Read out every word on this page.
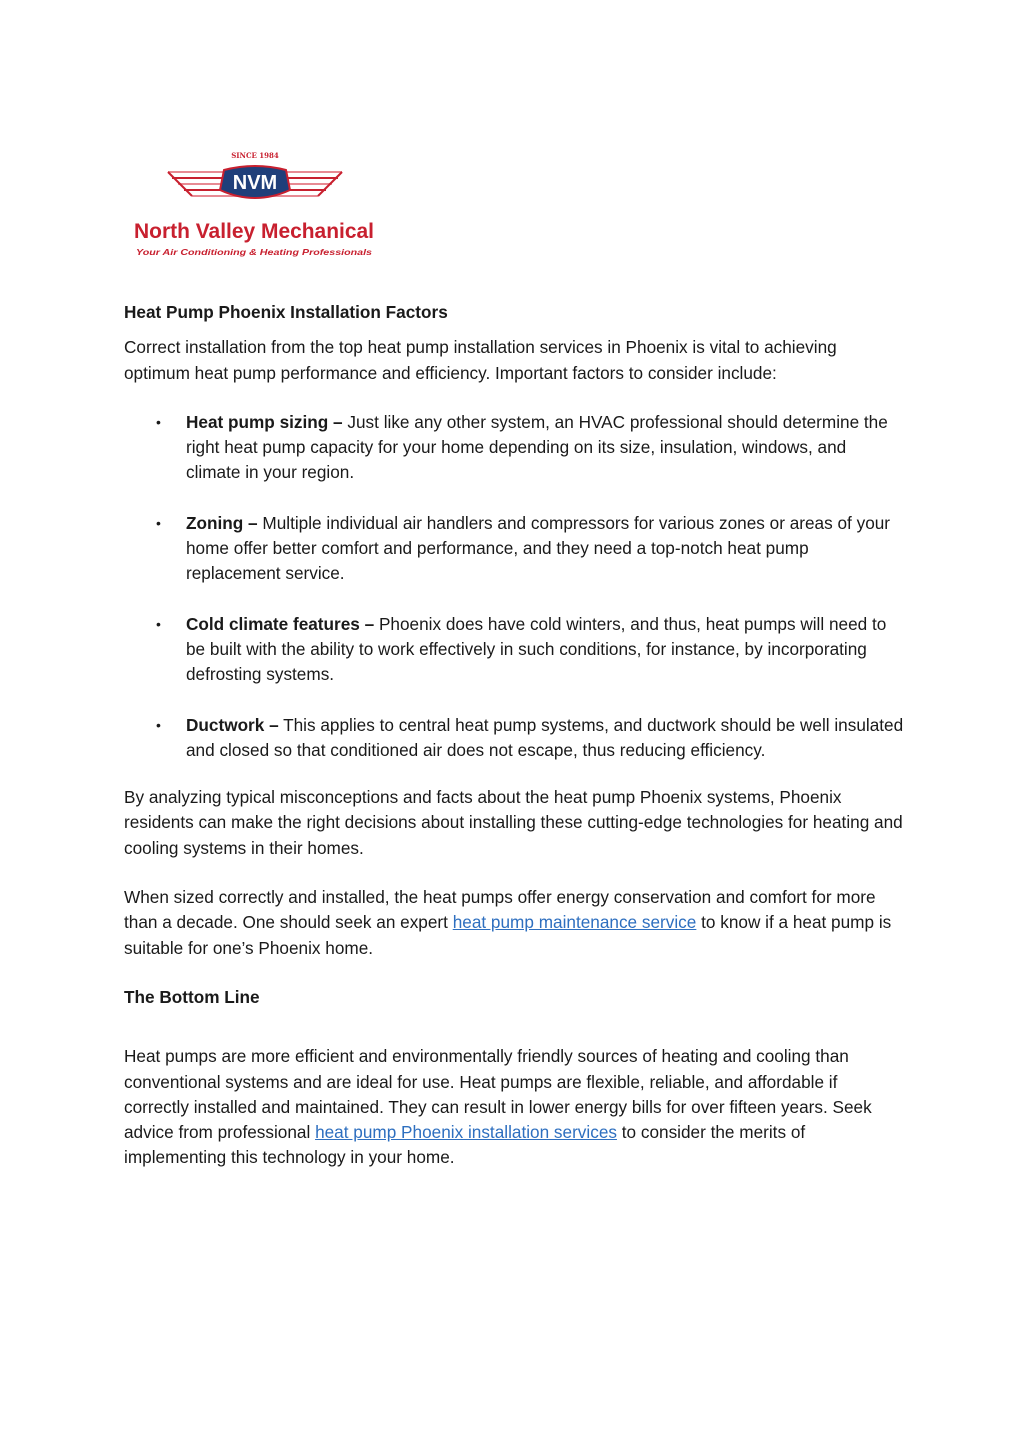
SINCE 1984
NVM
North Valley Mechanical
Your Air Conditioning & Heating Professionals

Heat Pump Phoenix Installation Factors

Correct installation from the top heat pump installation services in Phoenix is vital to achieving optimum heat pump performance and efficiency. Important factors to consider include:

• Heat pump sizing – Just like any other system, an HVAC professional should determine the right heat pump capacity for your home depending on its size, insulation, windows, and climate in your region.
• Zoning – Multiple individual air handlers and compressors for various zones or areas of your home offer better comfort and performance, and they need a top-notch heat pump replacement service.
• Cold climate features – Phoenix does have cold winters, and thus, heat pumps will need to be built with the ability to work effectively in such conditions, for instance, by incorporating defrosting systems.
• Ductwork – This applies to central heat pump systems, and ductwork should be well insulated and closed so that conditioned air does not escape, thus reducing efficiency.

By analyzing typical misconceptions and facts about the heat pump Phoenix systems, Phoenix residents can make the right decisions about installing these cutting-edge technologies for heating and cooling systems in their homes.

When sized correctly and installed, the heat pumps offer energy conservation and comfort for more than a decade. One should seek an expert heat pump maintenance service to know if a heat pump is suitable for one’s Phoenix home.

The Bottom Line

Heat pumps are more efficient and environmentally friendly sources of heating and cooling than conventional systems and are ideal for use. Heat pumps are flexible, reliable, and affordable if correctly installed and maintained. They can result in lower energy bills for over fifteen years. Seek advice from professional heat pump Phoenix installation services to consider the merits of implementing this technology in your home.
